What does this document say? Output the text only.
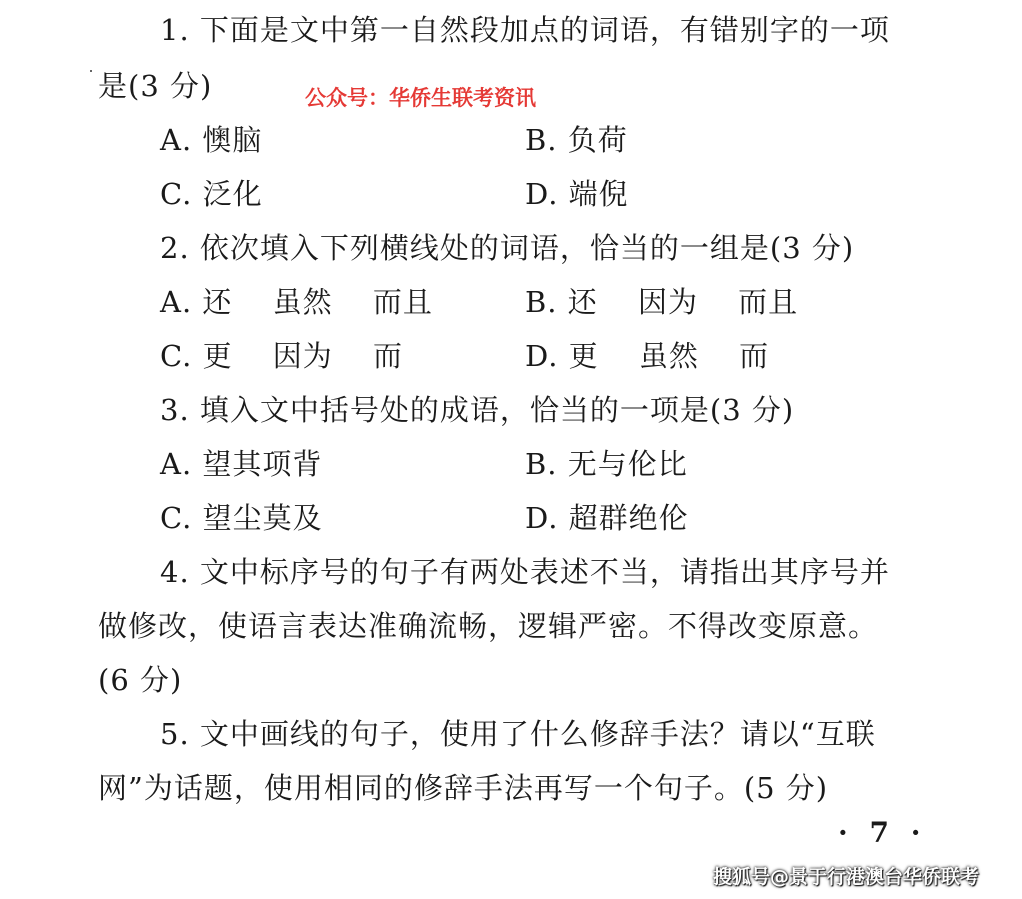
1. 下面是文中第一自然段加点的词语，有错别字的一项
是(3 分)	公众号：华侨生联考资讯
A. 懊脑	B. 负荷
C. 泛化	D. 端倪
2. 依次填入下列横线处的词语，恰当的一组是(3 分)
A. 还　 虽然　 而且	B. 还　 因为　 而且
C. 更　 因为　 而	D. 更　 虽然　 而
3. 填入文中括号处的成语，恰当的一项是(3 分)
A. 望其项背	B. 无与伦比
C. 望尘莫及	D. 超群绝伦
4. 文中标序号的句子有两处表述不当，请指出其序号并
做修改，使语言表达准确流畅，逻辑严密。不得改变原意。
(6 分)
5. 文中画线的句子，使用了什么修辞手法？请以“互联
网”为话题，使用相同的修辞手法再写一个句子。(5 分)
· 7 ·
搜狐号@景于行港澳台华侨联考
